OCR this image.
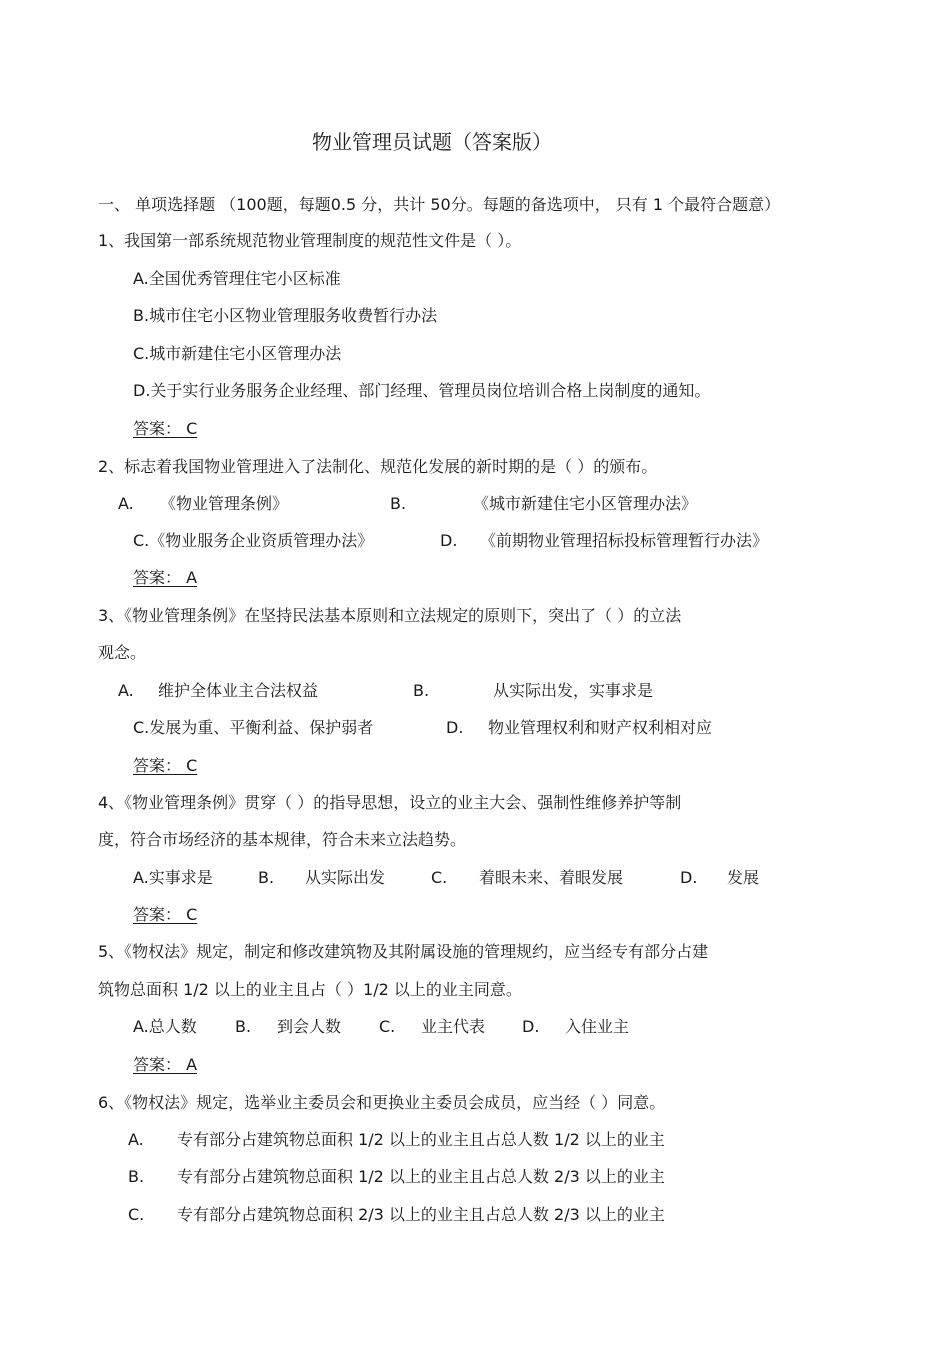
物业管理员试题（答案版）
一、 单项选择题 （100题，每题0.5 分，共计 50分。每题的备选项中， 只有 1 个最符合题意）
1、我国第一部系统规范物业管理制度的规范性文件是（ ）。
A.全国优秀管理住宅小区标准
B.城市住宅小区物业管理服务收费暂行办法
C.城市新建住宅小区管理办法
D.关于实行业务服务企业经理、部门经理、管理员岗位培训合格上岗制度的通知。
答案： C
2、标志着我国物业管理进入了法制化、规范化发展的新时期的是（ ）的颁布。
A. 《物业管理条例》	B.	《城市新建住宅小区管理办法》
C.《物业服务企业资质管理办法》	D. 《前期物业管理招标投标管理暂行办法》
答案： A
3、《物业管理条例》在坚持民法基本原则和立法规定的原则下，突出了（ ）的立法
观念。
A. 维护全体业主合法权益	B.	从实际出发，实事求是
C.发展为重、平衡利益、保护弱者	D. 物业管理权利和财产权利相对应
答案： C
4、《物业管理条例》贯穿（ ）的指导思想，设立的业主大会、强制性维修养护等制
度，符合市场经济的基本规律，符合未来立法趋势。
A.实事求是	B. 从实际出发	C. 着眼未来、着眼发展	D. 发展
答案： C
5、《物权法》规定，制定和修改建筑物及其附属设施的管理规约，应当经专有部分占建
筑物总面积 1/2 以上的业主且占（ ）1/2 以上的业主同意。
A.总人数 B. 到会人数 C. 业主代表 D. 入住业主
答案： A
6、《物权法》规定，选举业主委员会和更换业主委员会成员，应当经（ ）同意。
A. 专有部分占建筑物总面积 1/2 以上的业主且占总人数 1/2 以上的业主
B. 专有部分占建筑物总面积 1/2 以上的业主且占总人数 2/3 以上的业主
C. 专有部分占建筑物总面积 2/3 以上的业主且占总人数 2/3 以上的业主
